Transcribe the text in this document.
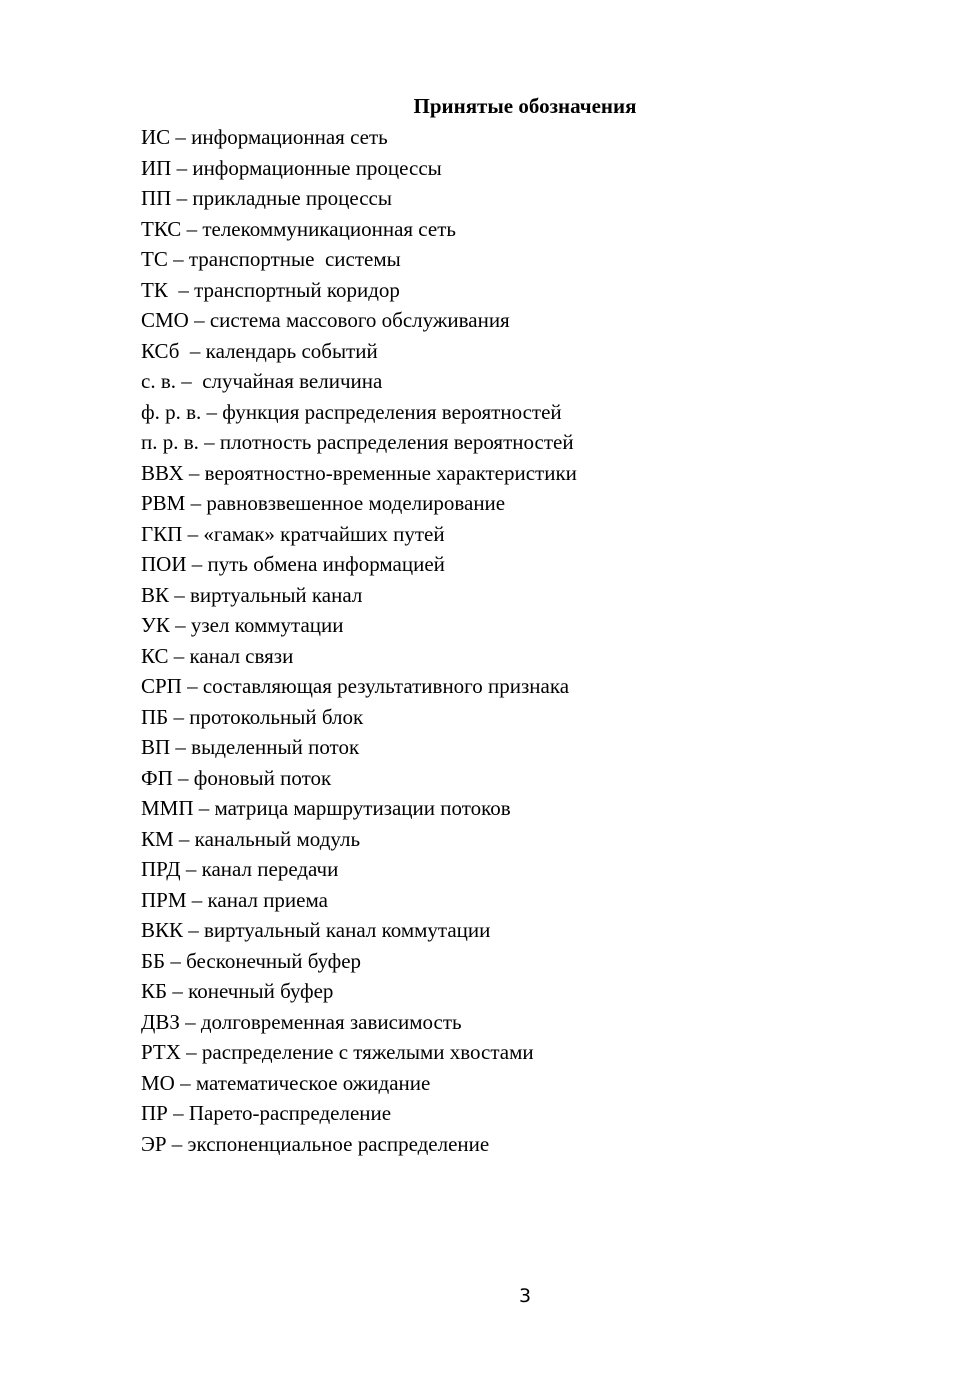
Принятые обозначения
ИС – информационная сеть
ИП – информационные процессы
ПП – прикладные процессы
ТКС – телекоммуникационная сеть
ТС – транспортные  системы
ТК  – транспортный коридор
СМО – система массового обслуживания
КСб  – календарь событий
с. в. –  случайная величина
ф. р. в. – функция распределения вероятностей
п. р. в. – плотность распределения вероятностей
ВВХ – вероятностно-временные характеристики
РВМ – равновзвешенное моделирование
ГКП – «гамак» кратчайших путей
ПОИ – путь обмена информацией
ВК – виртуальный канал
УК – узел коммутации
КС – канал связи
СРП – составляющая результативного признака
ПБ – протокольный блок
ВП – выделенный поток
ФП – фоновый поток
ММП – матрица маршрутизации потоков
КМ – канальный модуль
ПРД – канал передачи
ПРМ – канал приема
ВКК – виртуальный канал коммутации
ББ – бесконечный буфер
КБ – конечный буфер
ДВЗ – долговременная зависимость
РТХ – распределение с тяжелыми хвостами
МО – математическое ожидание
ПР – Парето-распределение
ЭР – экспоненциальное распределение
3
